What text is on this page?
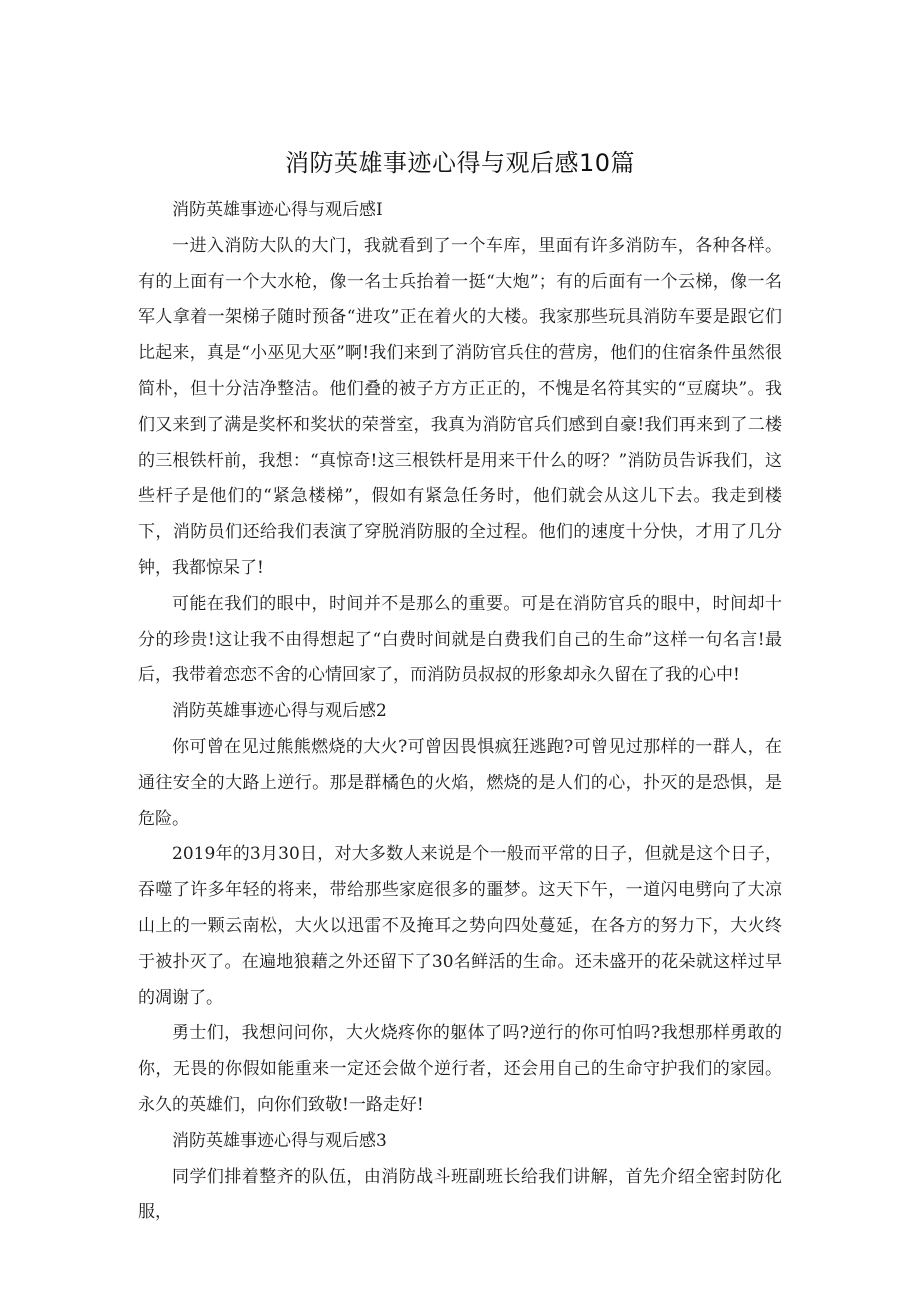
消防英雄事迹心得与观后感10篇

消防英雄事迹心得与观后感I

一进入消防大队的大门，我就看到了一个车库，里面有许多消防车，各种各样。有的上面有一个大水枪，像一名士兵抬着一挺“大炮”；有的后面有一个云梯，像一名军人拿着一架梯子随时预备“进攻”正在着火的大楼。我家那些玩具消防车要是跟它们比起来，真是“小巫见大巫”啊!我们来到了消防官兵住的营房，他们的住宿条件虽然很简朴，但十分洁净整洁。他们叠的被子方方正正的，不愧是名符其实的“豆腐块”。我们又来到了满是奖杯和奖状的荣誉室，我真为消防官兵们感到自豪!我们再来到了二楼的三根铁杆前，我想：“真惊奇!这三根铁杆是用来干什么的呀？”消防员告诉我们，这些杆子是他们的“紧急楼梯”，假如有紧急任务时，他们就会从这儿下去。我走到楼下，消防员们还给我们表演了穿脱消防服的全过程。他们的速度十分快，才用了几分钟，我都惊呆了!

可能在我们的眼中，时间并不是那么的重要。可是在消防官兵的眼中，时间却十分的珍贵!这让我不由得想起了“白费时间就是白费我们自己的生命”这样一句名言!最后，我带着恋恋不舍的心情回家了，而消防员叔叔的形象却永久留在了我的心中!

消防英雄事迹心得与观后感2

你可曾在见过熊熊燃烧的大火?可曾因畏惧疯狂逃跑?可曾见过那样的一群人，在通往安全的大路上逆行。那是群橘色的火焰，燃烧的是人们的心，扑灭的是恐惧，是危险。

2019年的3月30日，对大多数人来说是个一般而平常的日子，但就是这个日子，吞噬了许多年轻的将来，带给那些家庭很多的噩梦。这天下午，一道闪电劈向了大凉山上的一颗云南松，大火以迅雷不及掩耳之势向四处蔓延，在各方的努力下，大火终于被扑灭了。在遍地狼藉之外还留下了30名鲜活的生命。还未盛开的花朵就这样过早的凋谢了。

勇士们，我想问问你，大火烧疼你的躯体了吗?逆行的你可怕吗?我想那样勇敢的你，无畏的你假如能重来一定还会做个逆行者，还会用自己的生命守护我们的家园。永久的英雄们，向你们致敬!一路走好!

消防英雄事迹心得与观后感3

同学们排着整齐的队伍，由消防战斗班副班长给我们讲解，首先介绍全密封防化服，
